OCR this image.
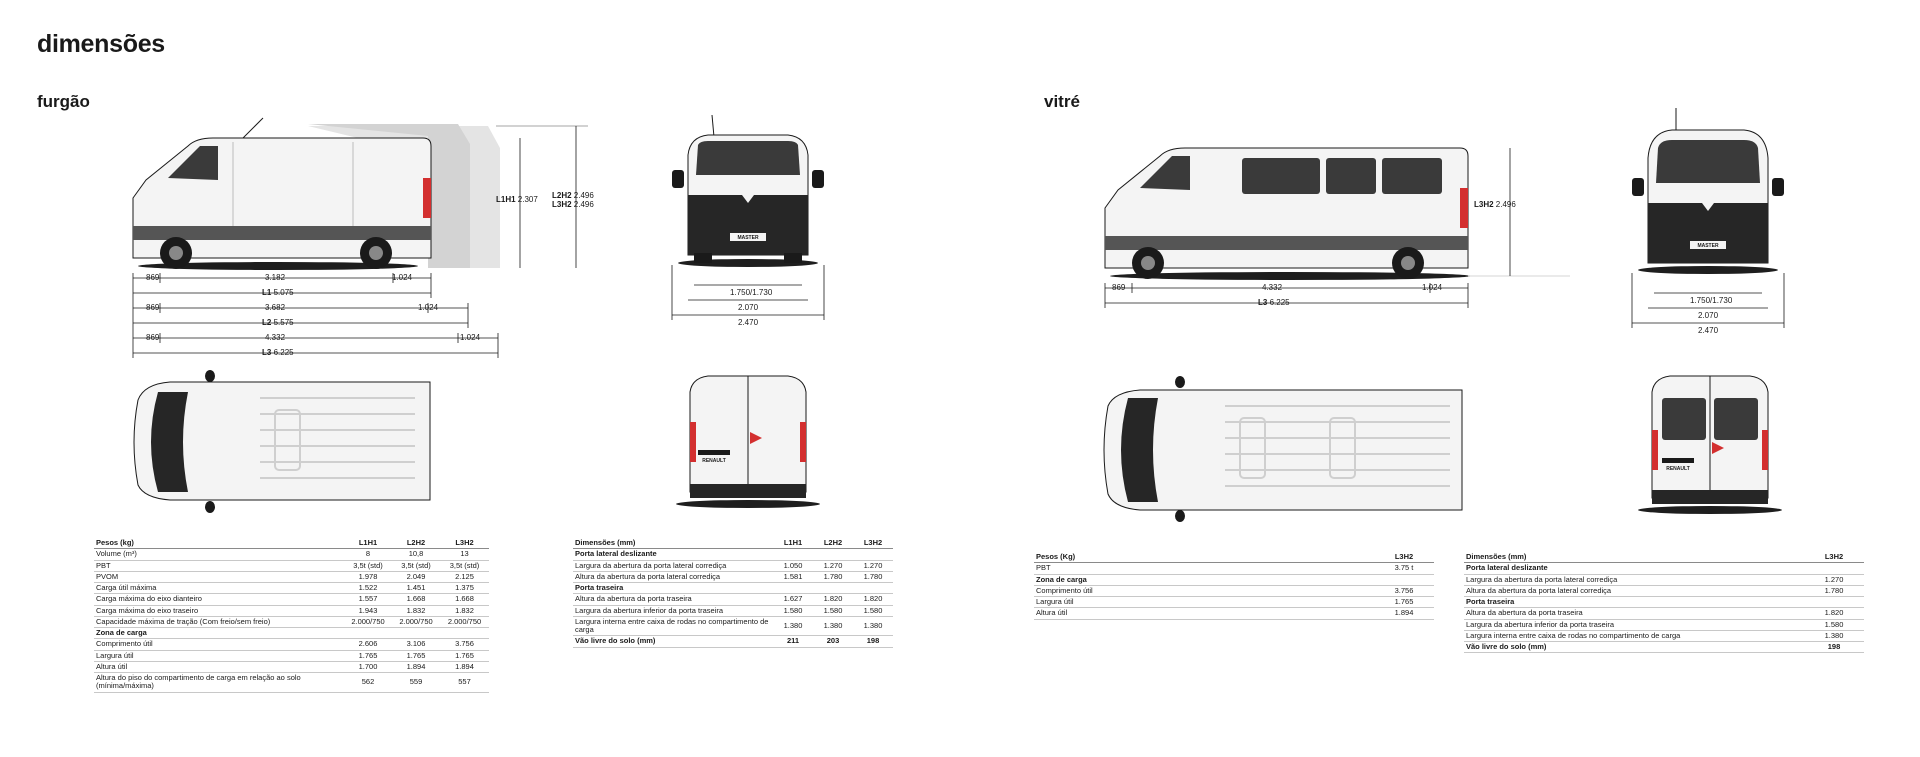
dimensões
furgão
L1H1 2.307 L2H2 2.496
L3H2 2.496
869	3.182	1.024
L1 5.075
869	3.682	1.024
L2 5.575
869	4.332	1.024
L3 6.225
MASTER
1.750/1.730
2.070
2.470
RENAULT
Pesos (kg)	L1H1	L2H2	L3H2
Volume (m³)	8	10,8	13
PBT	3,5t (std)	3,5t (std)	3,5t (std)
PVOM	1.978	2.049	2.125
Carga útil máxima	1.522	1.451	1.375
Carga máxima do eixo dianteiro	1.557	1.668	1.668
Carga máxima do eixo traseiro	1.943	1.832	1.832
Capacidade máxima de tração (Com freio/sem freio)	2.000/750	2.000/750	2.000/750
Zona de carga			
Comprimento útil	2.606	3.106	3.756
Largura útil	1.765	1.765	1.765
Altura útil	1.700	1.894	1.894
Altura do piso do compartimento de carga em relação ao solo (mínima/máxima)	562	559	557
Dimensões (mm)	L1H1	L2H2	L3H2
Porta lateral deslizante			
Largura da abertura da porta lateral corrediça	1.050	1.270	1.270
Altura da abertura da porta lateral corrediça	1.581	1.780	1.780
Porta traseira			
Altura da abertura da porta traseira	1.627	1.820	1.820
Largura da abertura inferior da porta traseira	1.580	1.580	1.580
Largura interna entre caixa de rodas no compartimento de carga	1.380	1.380	1.380
Vão livre do solo (mm)	211	203	198
vitré
L3H2 2.496
869	4.332	1.024
L3 6.225
MASTER
1.750/1.730
2.070
2.470
RENAULT
Pesos (Kg)	L3H2
PBT	3.75 t
Zona de carga	
Comprimento útil	3.756
Largura útil	1.765
Altura útil	1.894
Dimensões (mm)	L3H2
Porta lateral deslizante	
Largura da abertura da porta lateral corrediça	1.270
Altura da abertura da porta lateral corrediça	1.780
Porta traseira	
Altura da abertura da porta traseira	1.820
Largura da abertura inferior da porta traseira	1.580
Largura interna entre caixa de rodas no compartimento de carga	1.380
Vão livre do solo (mm)	198
